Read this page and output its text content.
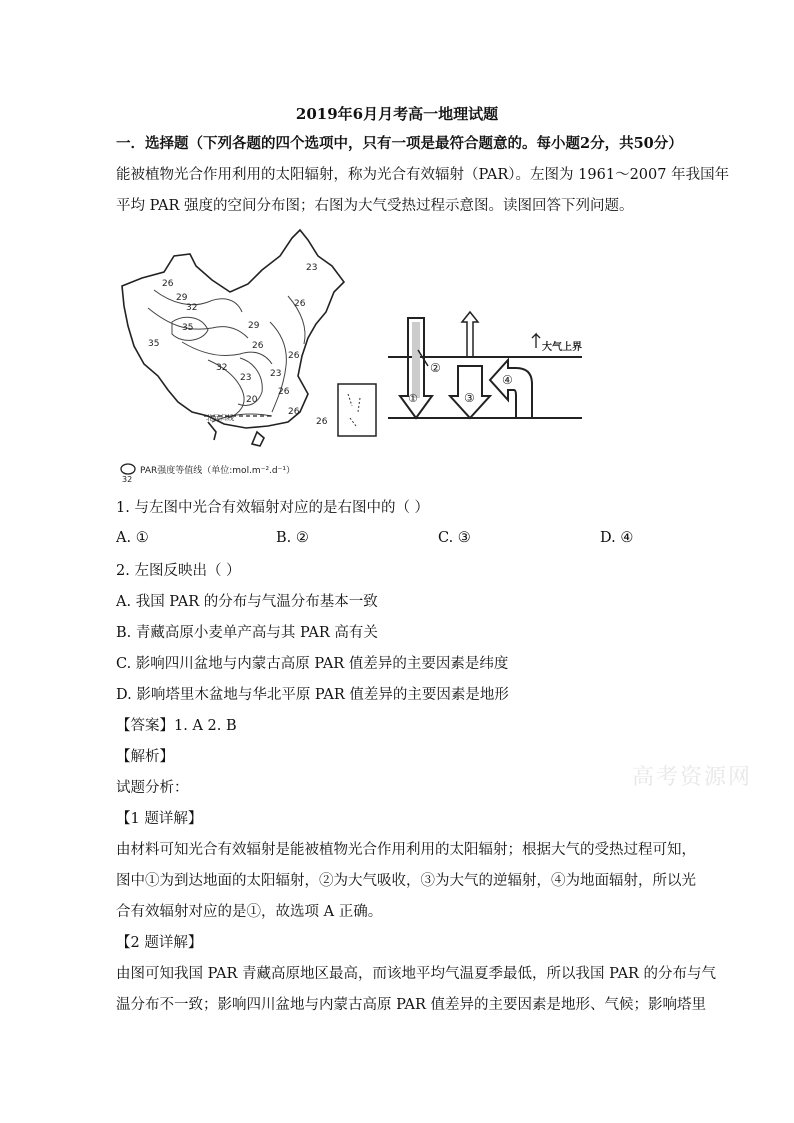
2019年6月月考高一地理试题
一．选择题（下列各题的四个选项中，只有一项是最符合题意的。每小题2分，共50分）
能被植物光合作用利用的太阳辐射，称为光合有效辐射（PAR）。左图为 1961～2007 年我国年
平均 PAR 强度的空间分布图；右图为大气受热过程示意图。读图回答下列问题。
23
26
29
32	26
35
35
29
26
26
23
32
23
20
26
26
26
北回归线
32
PAR强度等值线（单位:mol.m⁻².d⁻¹）
大气上界
②
①	③
④
1. 与左图中光合有效辐射对应的是右图中的（ ）
A. ①	B. ②	C. ③	D. ④
2. 左图反映出（ ）
A. 我国 PAR 的分布与气温分布基本一致
B. 青藏高原小麦单产高与其 PAR 高有关
C. 影响四川盆地与内蒙古高原 PAR 值差异的主要因素是纬度
D. 影响塔里木盆地与华北平原 PAR 值差异的主要因素是地形
【答案】1. A 2. B
【解析】
试题分析：
【1 题详解】
由材料可知光合有效辐射是能被植物光合作用利用的太阳辐射；根据大气的受热过程可知，
图中①为到达地面的太阳辐射，②为大气吸收，③为大气的逆辐射，④为地面辐射，所以光
合有效辐射对应的是①，故选项 A 正确。
【2 题详解】
由图可知我国 PAR 青藏高原地区最高，而该地平均气温夏季最低，所以我国 PAR 的分布与气
温分布不一致；影响四川盆地与内蒙古高原 PAR 值差异的主要因素是地形、气候；影响塔里
高考资源网
